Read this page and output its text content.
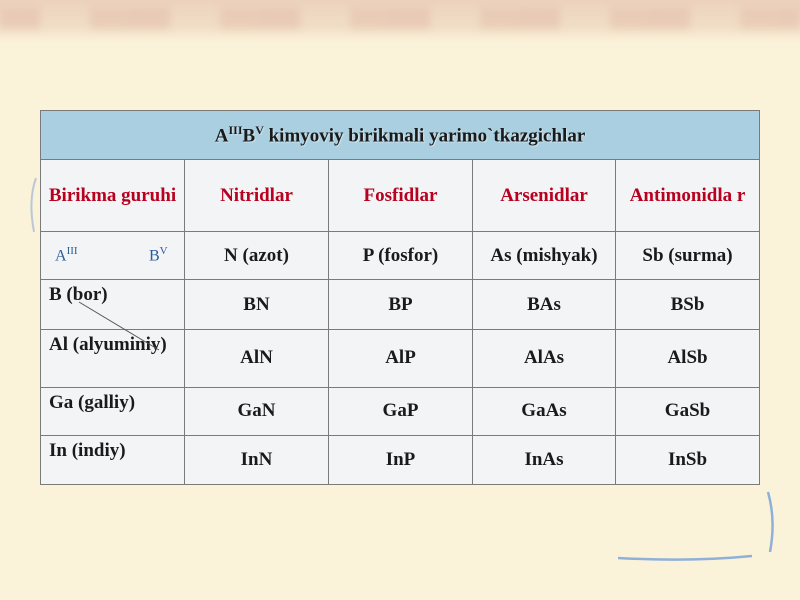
$A^{III}B^V$ kimyoviy birikmali yarimo`tkazgichlar				
Birikma guruhi	Nitridlar	Fosfidlar	Arsenidlar	Antimonidla r

$A^{III}$ $B^V$	N (azot)	P (fosfor)	As (mishyak)	Sb (surma)
B (bor)	BN	BP	BAs	BSb
Al (alyuminiy)	AlN	AlP	AlAs	AlSb
Ga (galliy)	GaN	GaP	GaAs	GaSb
In (indiy)	InN	InP	InAs	InSb
